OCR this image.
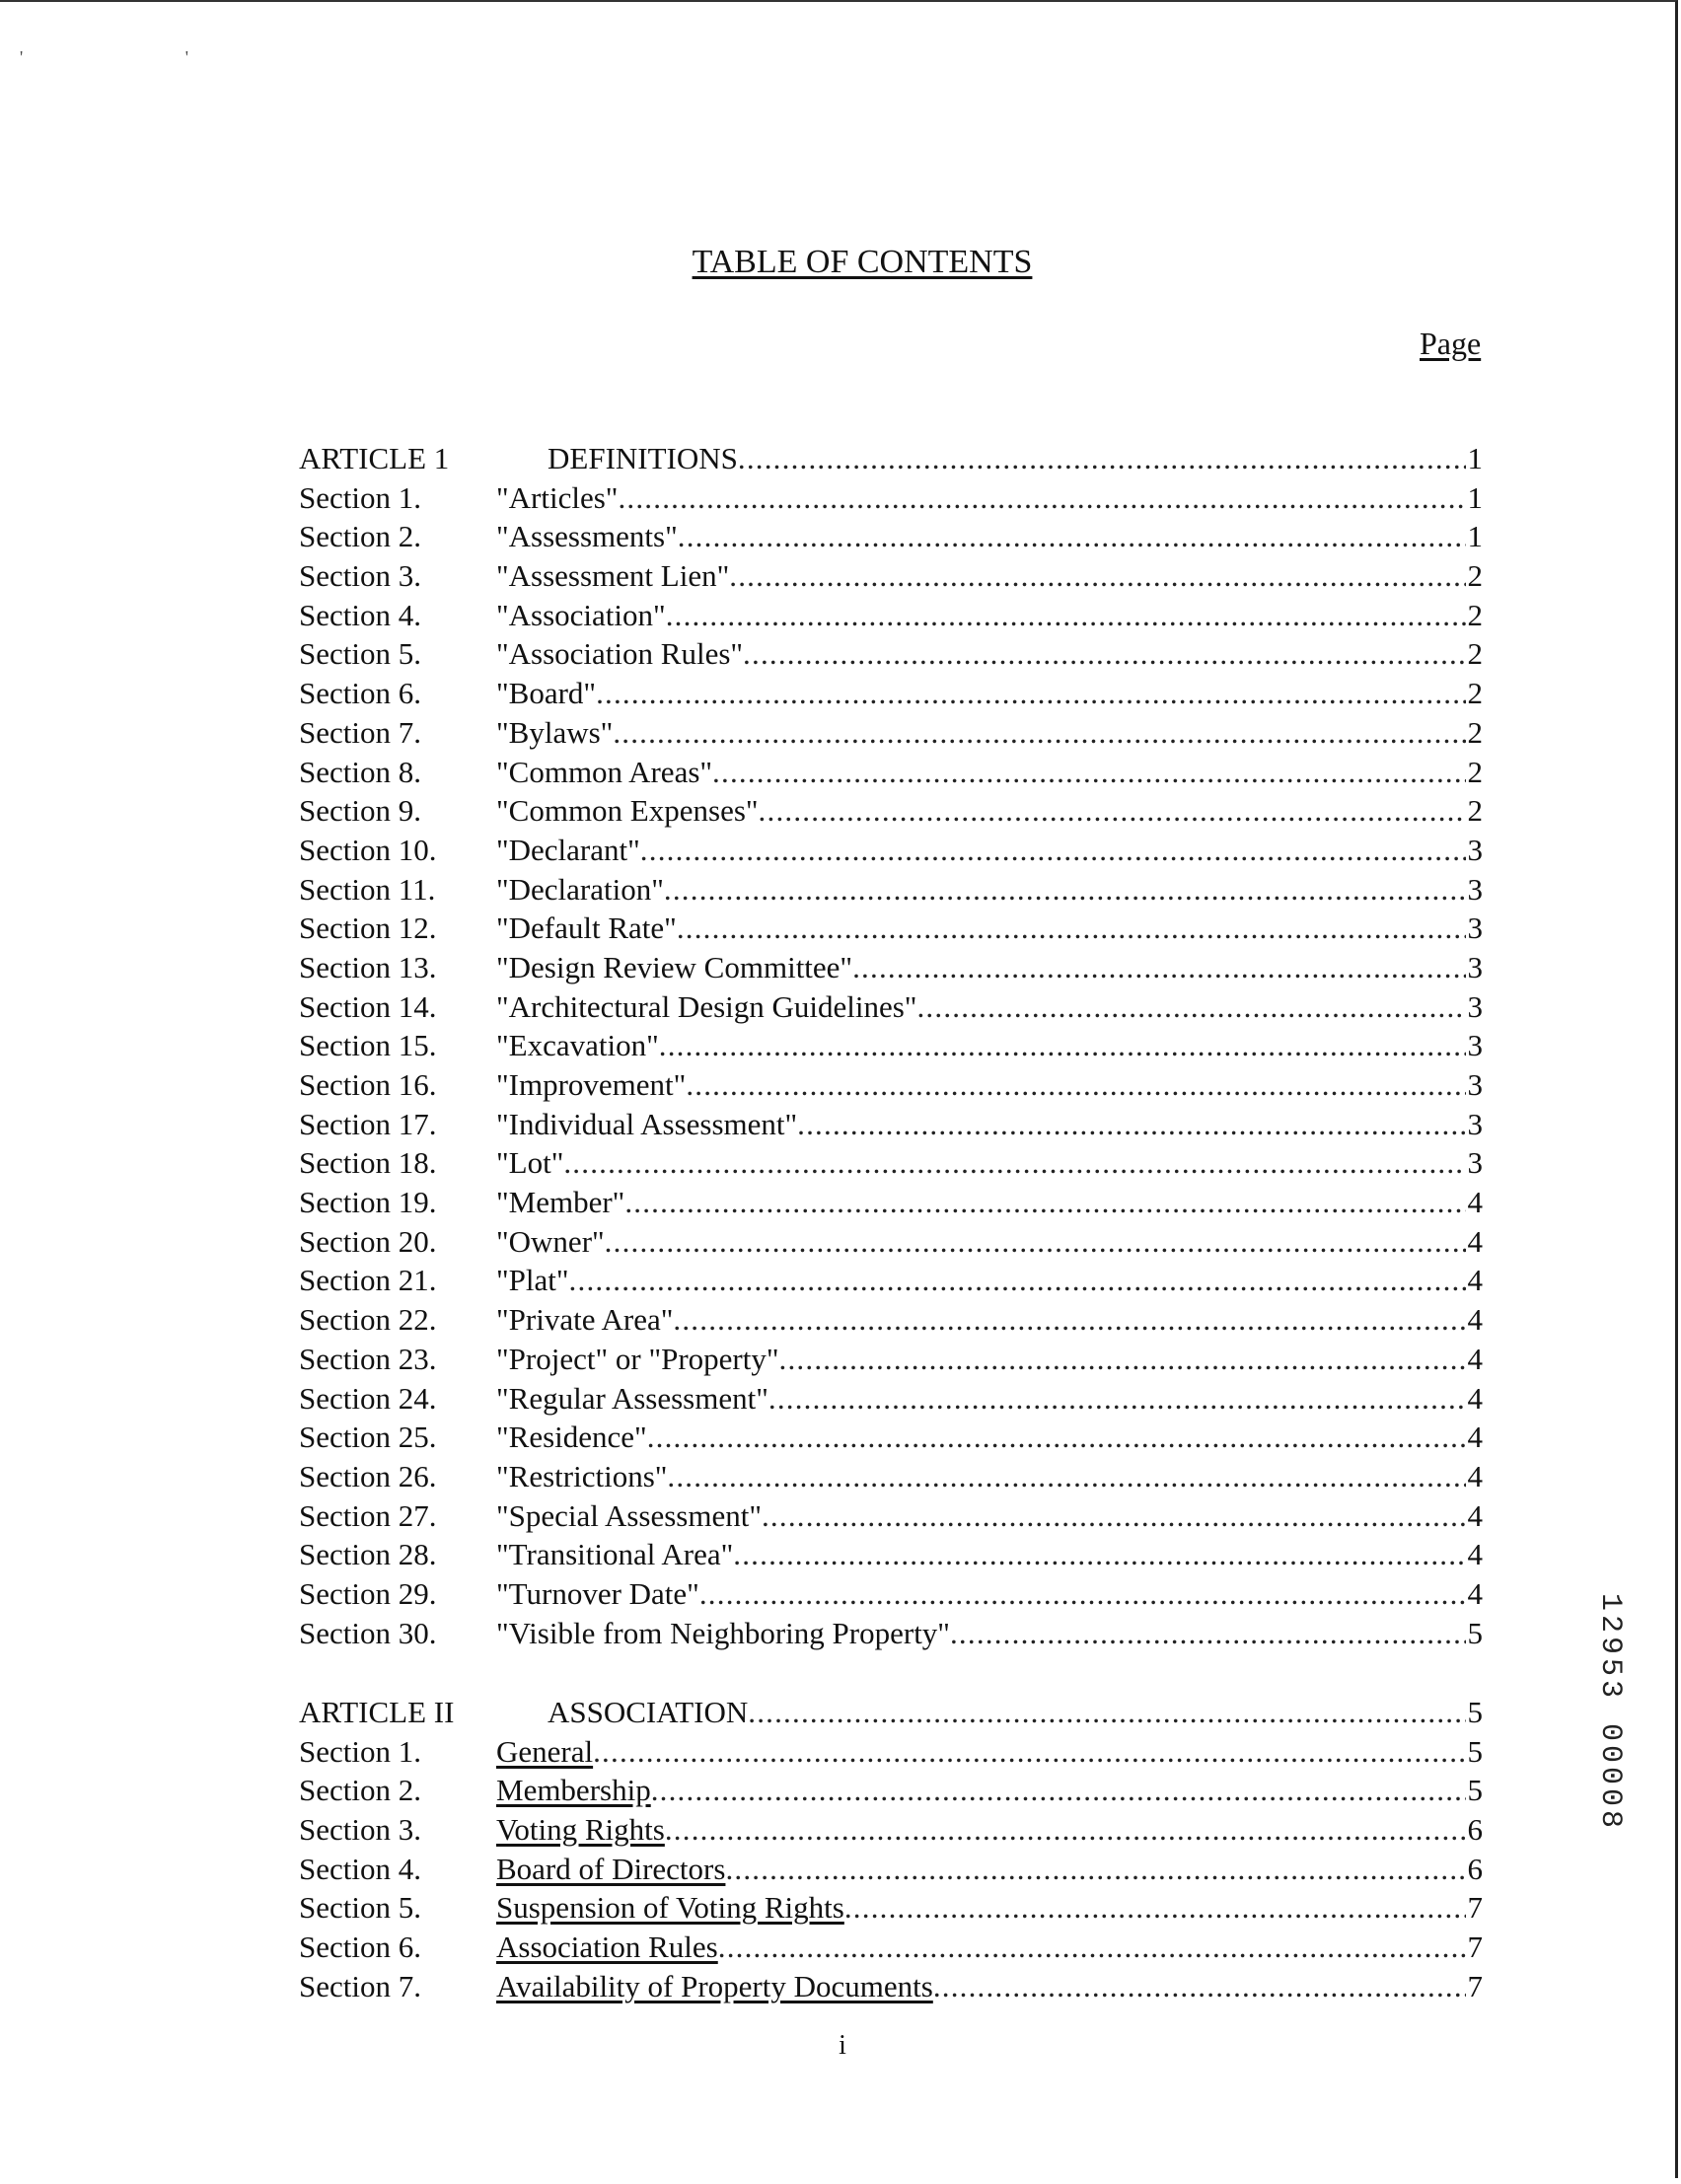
' '
TABLE OF CONTENTS
Page
ARTICLE 1	DEFINITIONS .....	1
Section 1.	"Articles" .....	1
Section 2.	"Assessments" .....	1
Section 3.	"Assessment Lien" .....	2
Section 4.	"Association" .....	2
Section 5.	"Association Rules" .....	2
Section 6.	"Board" .....	2
Section 7.	"Bylaws" .....	2
Section 8.	"Common Areas" .....	2
Section 9.	"Common Expenses" .....	2
Section 10.	"Declarant" .....	3
Section 11.	"Declaration" .....	3
Section 12.	"Default Rate" .....	3
Section 13.	"Design Review Committee" .....	3
Section 14.	"Architectural Design Guidelines" .....	3
Section 15.	"Excavation" .....	3
Section 16.	"Improvement" .....	3
Section 17.	"Individual Assessment" .....	3
Section 18.	"Lot" .....	3
Section 19.	"Member" .....	4
Section 20.	"Owner" .....	4
Section 21.	"Plat" .....	4
Section 22.	"Private Area" .....	4
Section 23.	"Project" or "Property" .....	4
Section 24.	"Regular Assessment" .....	4
Section 25.	"Residence" .....	4
Section 26.	"Restrictions" .....	4
Section 27.	"Special Assessment" .....	4
Section 28.	"Transitional Area" .....	4
Section 29.	"Turnover Date" .....	4
Section 30.	"Visible from Neighboring Property" .....	5
ARTICLE II	ASSOCIATION .....	5
Section 1.	General .....	5
Section 2.	Membership .....	5
Section 3.	Voting Rights .....	6
Section 4.	Board of Directors .....	6
Section 5.	Suspension of Voting Rights .....	7
Section 6.	Association Rules .....	7
Section 7.	Availability of Property Documents .....	7
i
12953 00008
